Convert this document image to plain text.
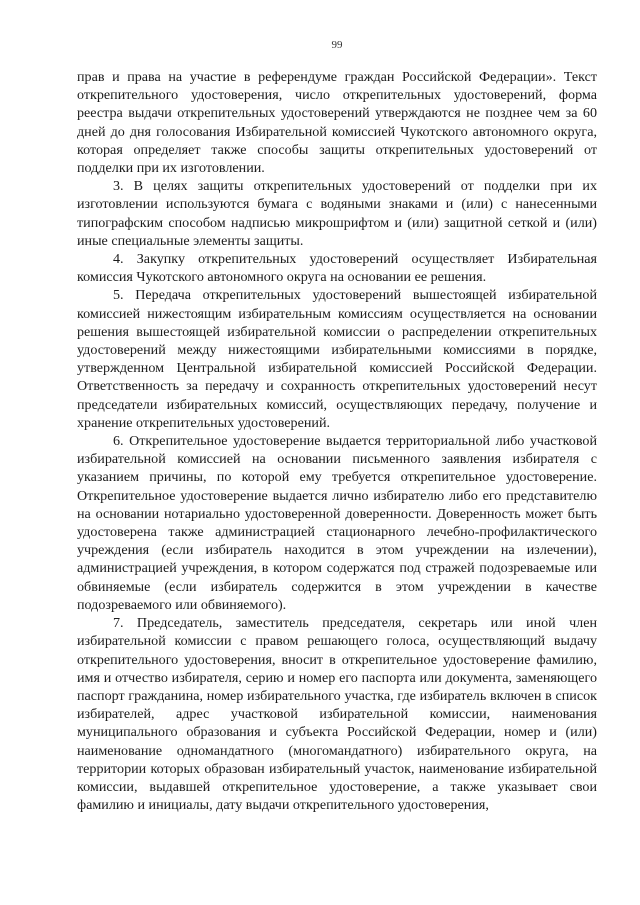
99

прав и права на участие в референдуме граждан Российской Федерации». Текст открепительного удостоверения, число открепительных удостоверений, форма реестра выдачи открепительных удостоверений утверждаются не позднее чем за 60 дней до дня голосования Избирательной комиссией Чукотского автономного округа, которая определяет также способы защиты открепительных удостоверений от подделки при их изготовлении.

3. В целях защиты открепительных удостоверений от подделки при их изготовлении используются бумага с водяными знаками и (или) с нанесенными типографским способом надписью микрошрифтом и (или) защитной сеткой и (или) иные специальные элементы защиты.

4. Закупку открепительных удостоверений осуществляет Избирательная комиссия Чукотского автономного округа на основании ее решения.

5. Передача открепительных удостоверений вышестоящей избирательной комиссией нижестоящим избирательным комиссиям осуществляется на основании решения вышестоящей избирательной комиссии о распределении открепительных удостоверений между нижестоящими избирательными комиссиями в порядке, утвержденном Центральной избирательной комиссией Российской Федерации. Ответственность за передачу и сохранность открепительных удостоверений несут председатели избирательных комиссий, осуществляющих передачу, получение и хранение открепительных удостоверений.

6. Открепительное удостоверение выдается территориальной либо участковой избирательной комиссией на основании письменного заявления избирателя с указанием причины, по которой ему требуется открепительное удостоверение. Открепительное удостоверение выдается лично избирателю либо его представителю на основании нотариально удостоверенной доверенности. Доверенность может быть удостоверена также администрацией стационарного лечебно-профилактического учреждения (если избиратель находится в этом учреждении на излечении), администрацией учреждения, в котором содержатся под стражей подозреваемые или обвиняемые (если избиратель содержится в этом учреждении в качестве подозреваемого или обвиняемого).

7. Председатель, заместитель председателя, секретарь или иной член избирательной комиссии с правом решающего голоса, осуществляющий выдачу открепительного удостоверения, вносит в открепительное удостоверение фамилию, имя и отчество избирателя, серию и номер его паспорта или документа, заменяющего паспорт гражданина, номер избирательного участка, где избиратель включен в список избирателей, адрес участковой избирательной комиссии, наименования муниципального образования и субъекта Российской Федерации, номер и (или) наименование одномандатного (многомандатного) избирательного округа, на территории которых образован избирательный участок, наименование избирательной комиссии, выдавшей открепительное удостоверение, а также указывает свои фамилию и инициалы, дату выдачи открепительного удостоверения,
